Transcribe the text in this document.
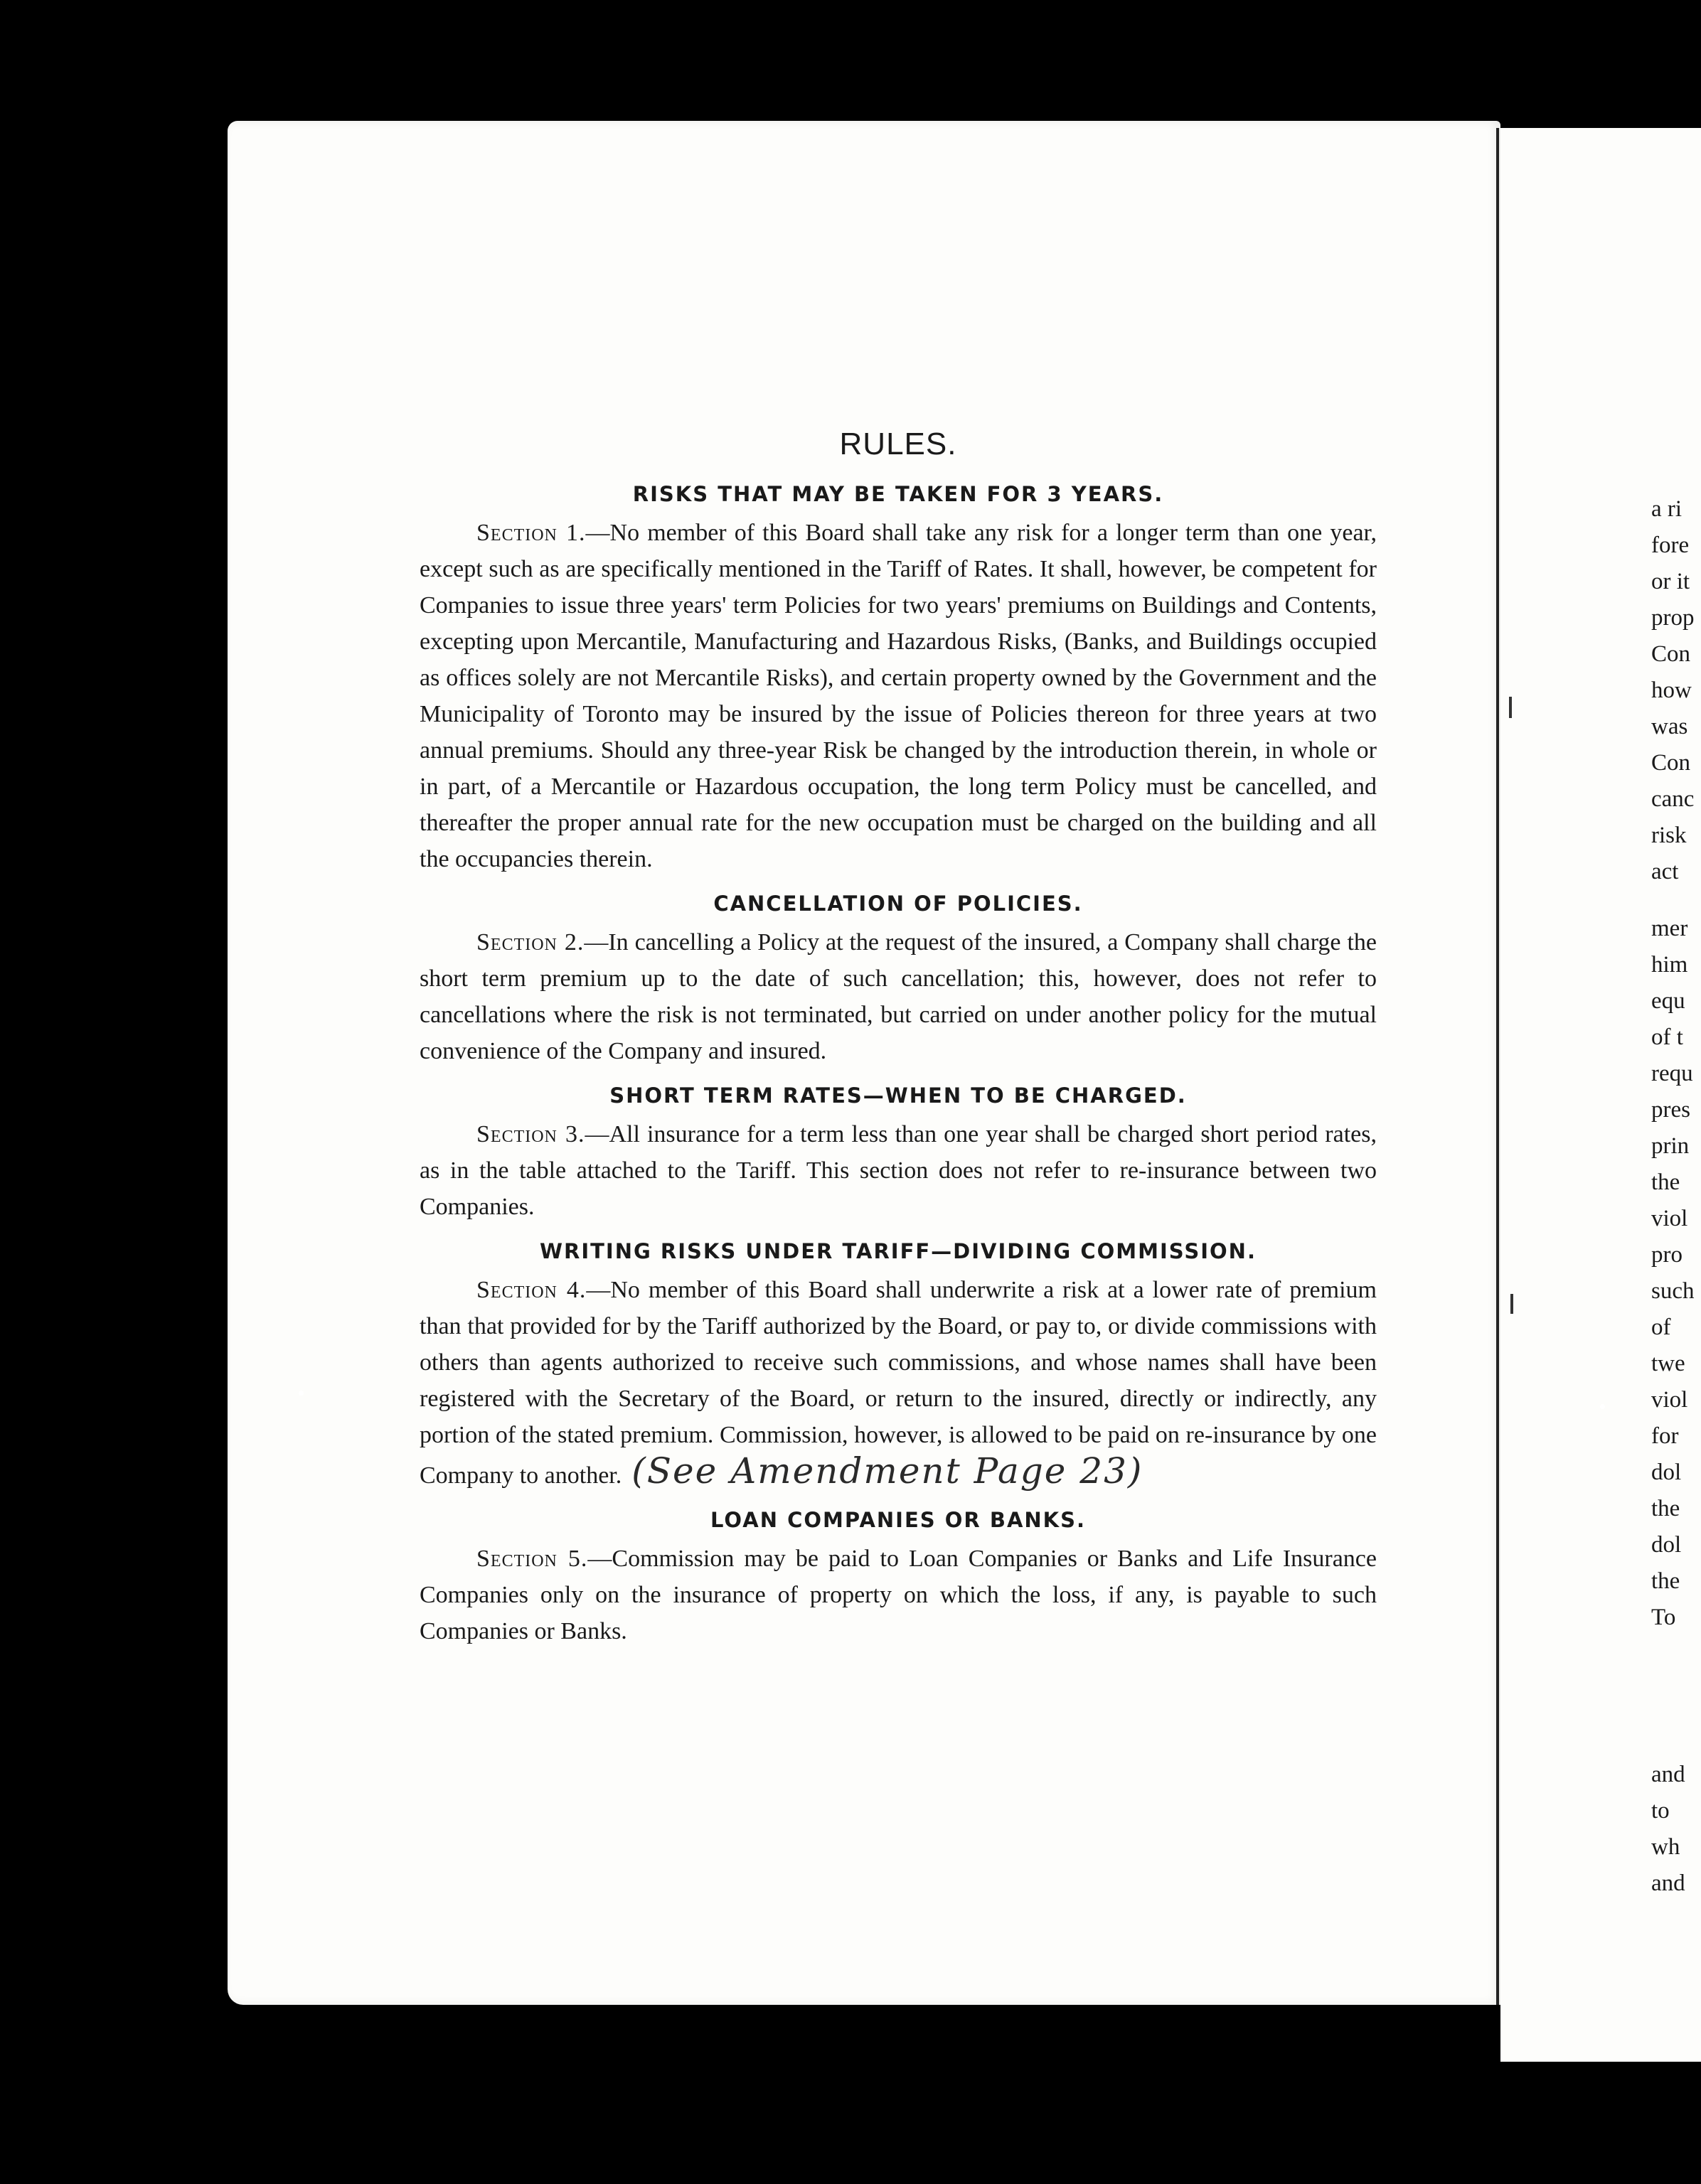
a ri
fore
or it
prop
Con
how
was
Con
canc
risk
act
mer
him
equ
of t
requ
pres
prin
the
viol
pro
such
of
twe
viol
for
dol
the
dol
the
To
and
to
wh
and
RULES.
RISKS THAT MAY BE TAKEN FOR 3 YEARS.

Section 1.—No member of this Board shall take any risk for a longer term than one year, except such as are specifically mentioned in the Tariff of Rates. It shall, however, be competent for Companies to issue three years' term Policies for two years' premiums on Buildings and Contents, excepting upon Mercantile, Manufacturing and Hazardous Risks, (Banks, and Buildings occupied as offices solely are not Mercantile Risks), and certain property owned by the Government and the Municipality of Toronto may be insured by the issue of Policies thereon for three years at two annual premiums. Should any three-year Risk be changed by the introduction therein, in whole or in part, of a Mercantile or Hazardous occupation, the long term Policy must be cancelled, and thereafter the proper annual rate for the new occupation must be charged on the building and all the occupancies therein.

CANCELLATION OF POLICIES.

Section 2.—In cancelling a Policy at the request of the insured, a Company shall charge the short term premium up to the date of such cancellation; this, however, does not refer to cancellations where the risk is not terminated, but carried on under another policy for the mutual convenience of the Company and insured.

SHORT TERM RATES—WHEN TO BE CHARGED.

Section 3.—All insurance for a term less than one year shall be charged short period rates, as in the table attached to the Tariff. This section does not refer to re-insurance between two Companies.

WRITING RISKS UNDER TARIFF—DIVIDING COMMISSION.

Section 4.—No member of this Board shall underwrite a risk at a lower rate of premium than that provided for by the Tariff authorized by the Board, or pay to, or divide commissions with others than agents authorized to receive such commissions, and whose names shall have been registered with the Secretary of the Board, or return to the insured, directly or indirectly, any portion of the stated premium. Commission, however, is allowed to be paid on re-insurance by one Company to another. (See Amendment Page 23)

LOAN COMPANIES OR BANKS.

Section 5.—Commission may be paid to Loan Companies or Banks and Life Insurance Companies only on the insurance of property on which the loss, if any, is payable to such Companies or Banks.
